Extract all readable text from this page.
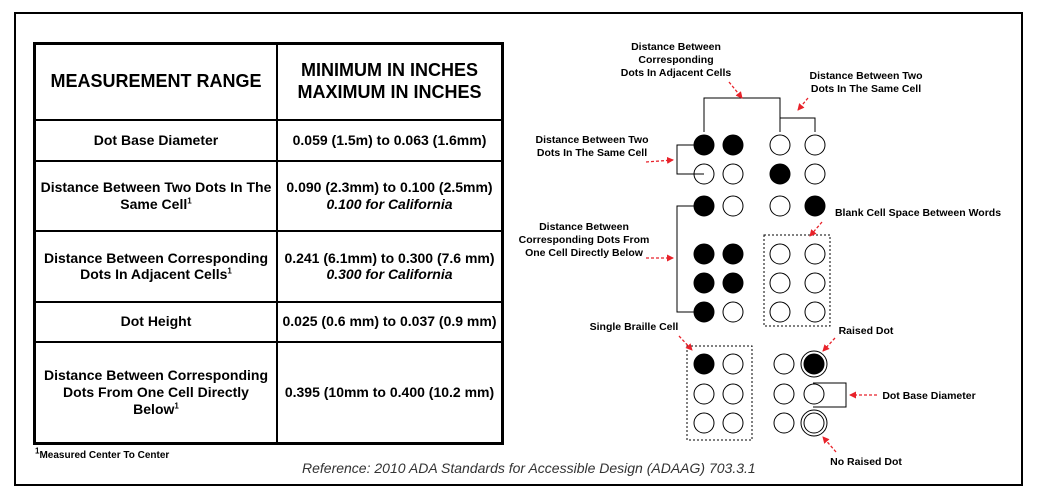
MEASUREMENT RANGE	MINIMUM IN INCHES MAXIMUM IN INCHES
Dot Base Diameter	0.059 (1.5m) to 0.063 (1.6mm)
Distance Between Two Dots In The Same Cell$^1$	0.090 (2.3mm) to 0.100 (2.5mm)
0.100 for California

Distance Between Corresponding Dots In Adjacent Cells$^1$	0.241 (6.1mm) to 0.300 (7.6 mm)
0.300 for California

Dot Height	0.025 (0.6 mm) to 0.037 (0.9 mm)
Distance Between Corresponding Dots From One Cell Directly Below$^1$	0.395 (10mm to 0.400 (10.2 mm)
$^1$Measured Center To Center
Reference: 2010 ADA Standards for Accessible Design (ADAAG) 703.3.1
Distance Between
Corresponding
Dots In Adjacent Cells	Distance Between Two
Dots In The Same Cell
Distance Between Two
Dots In The Same Cell
Distance Between
Corresponding Dots From
One Cell Directly Below
Blank Cell Space Between Words
Single Braille Cell	Raised Dot
Dot Base Diameter
No Raised Dot
